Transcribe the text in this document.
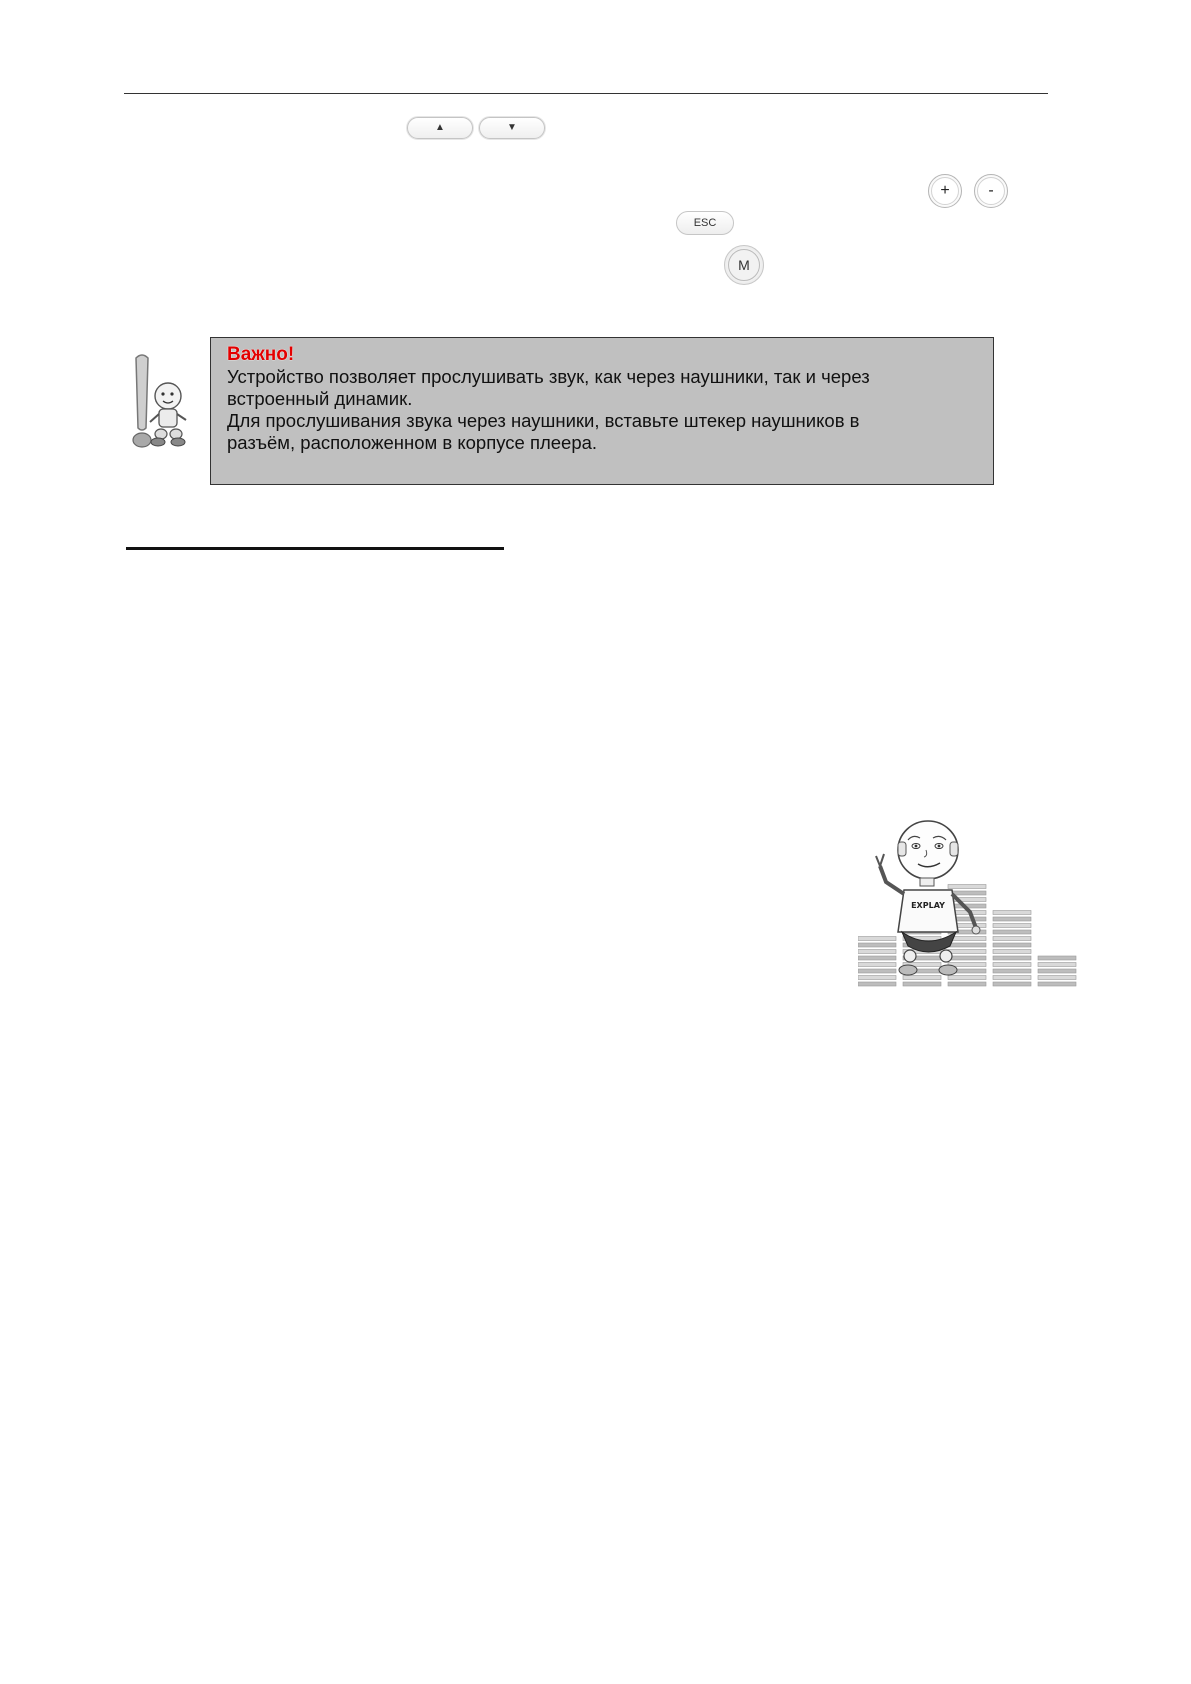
▲	▼
+	-
ESC
M
Важно!
Устройство позволяет прослушивать звук, как через наушники, так и через
встроенный динамик.
Для прослушивания звука через наушники, вставьте штекер наушников в
разъём, расположенном в корпусе плеера.
EXPLAY
